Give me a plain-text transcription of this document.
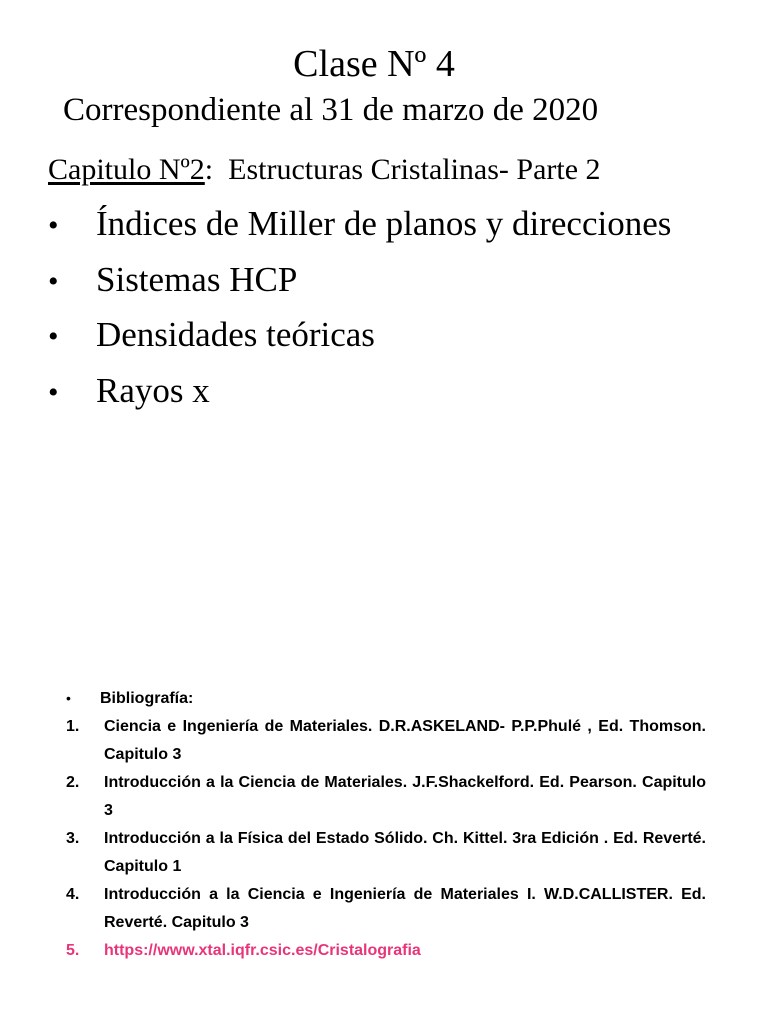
Clase Nº 4
Correspondiente al 31 de marzo de 2020
Capitulo Nº2:  Estructuras Cristalinas- Parte 2
•	Índices de Miller de planos y direcciones
•	Sistemas HCP
•	Densidades teóricas
•	Rayos x
•	Bibliografía:
1.	Ciencia e Ingeniería de Materiales. D.R.ASKELAND- P.P.Phulé , Ed. Thomson. Capitulo 3
2.	Introducción a la Ciencia de Materiales. J.F.Shackelford. Ed. Pearson. Capitulo 3
3.	Introducción a la Física del Estado Sólido. Ch. Kittel. 3ra Edición . Ed. Reverté. Capitulo 1
4.	Introducción a la Ciencia e Ingeniería de Materiales I. W.D.CALLISTER. Ed. Reverté. Capitulo 3
5.	https://www.xtal.iqfr.csic.es/Cristalografia
